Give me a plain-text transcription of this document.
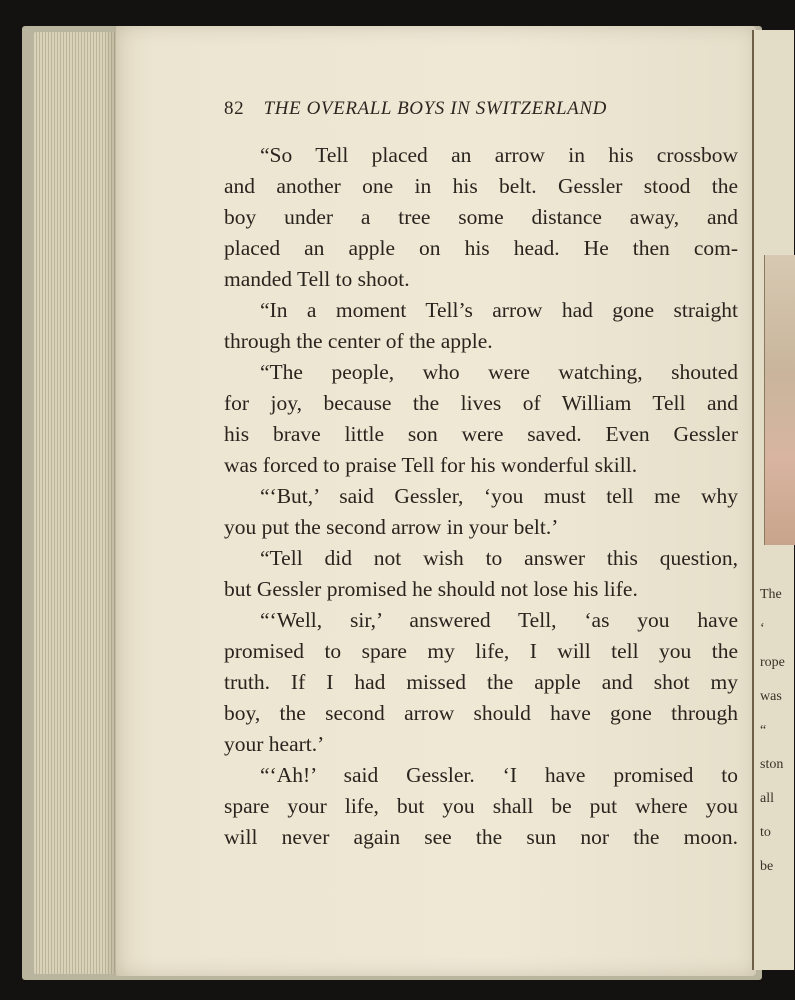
The
‘
rope
was
“
ston
all
to
be
82 THE OVERALL BOYS IN SWITZERLAND
“So Tell placed an arrow in his crossbow
and another one in his belt. Gessler stood the
boy under a tree some distance away, and
placed an apple on his head. He then com-
manded Tell to shoot.
“In a moment Tell’s arrow had gone straight
through the center of the apple.
“The people, who were watching, shouted
for joy, because the lives of William Tell and
his brave little son were saved. Even Gessler
was forced to praise Tell for his wonderful skill.
“‘But,’ said Gessler, ‘you must tell me why
you put the second arrow in your belt.’
“Tell did not wish to answer this question,
but Gessler promised he should not lose his life.
“‘Well, sir,’ answered Tell, ‘as you have
promised to spare my life, I will tell you the
truth. If I had missed the apple and shot my
boy, the second arrow should have gone through
your heart.’
“‘Ah!’ said Gessler. ‘I have promised to
spare your life, but you shall be put where you
will never again see the sun nor the moon.
